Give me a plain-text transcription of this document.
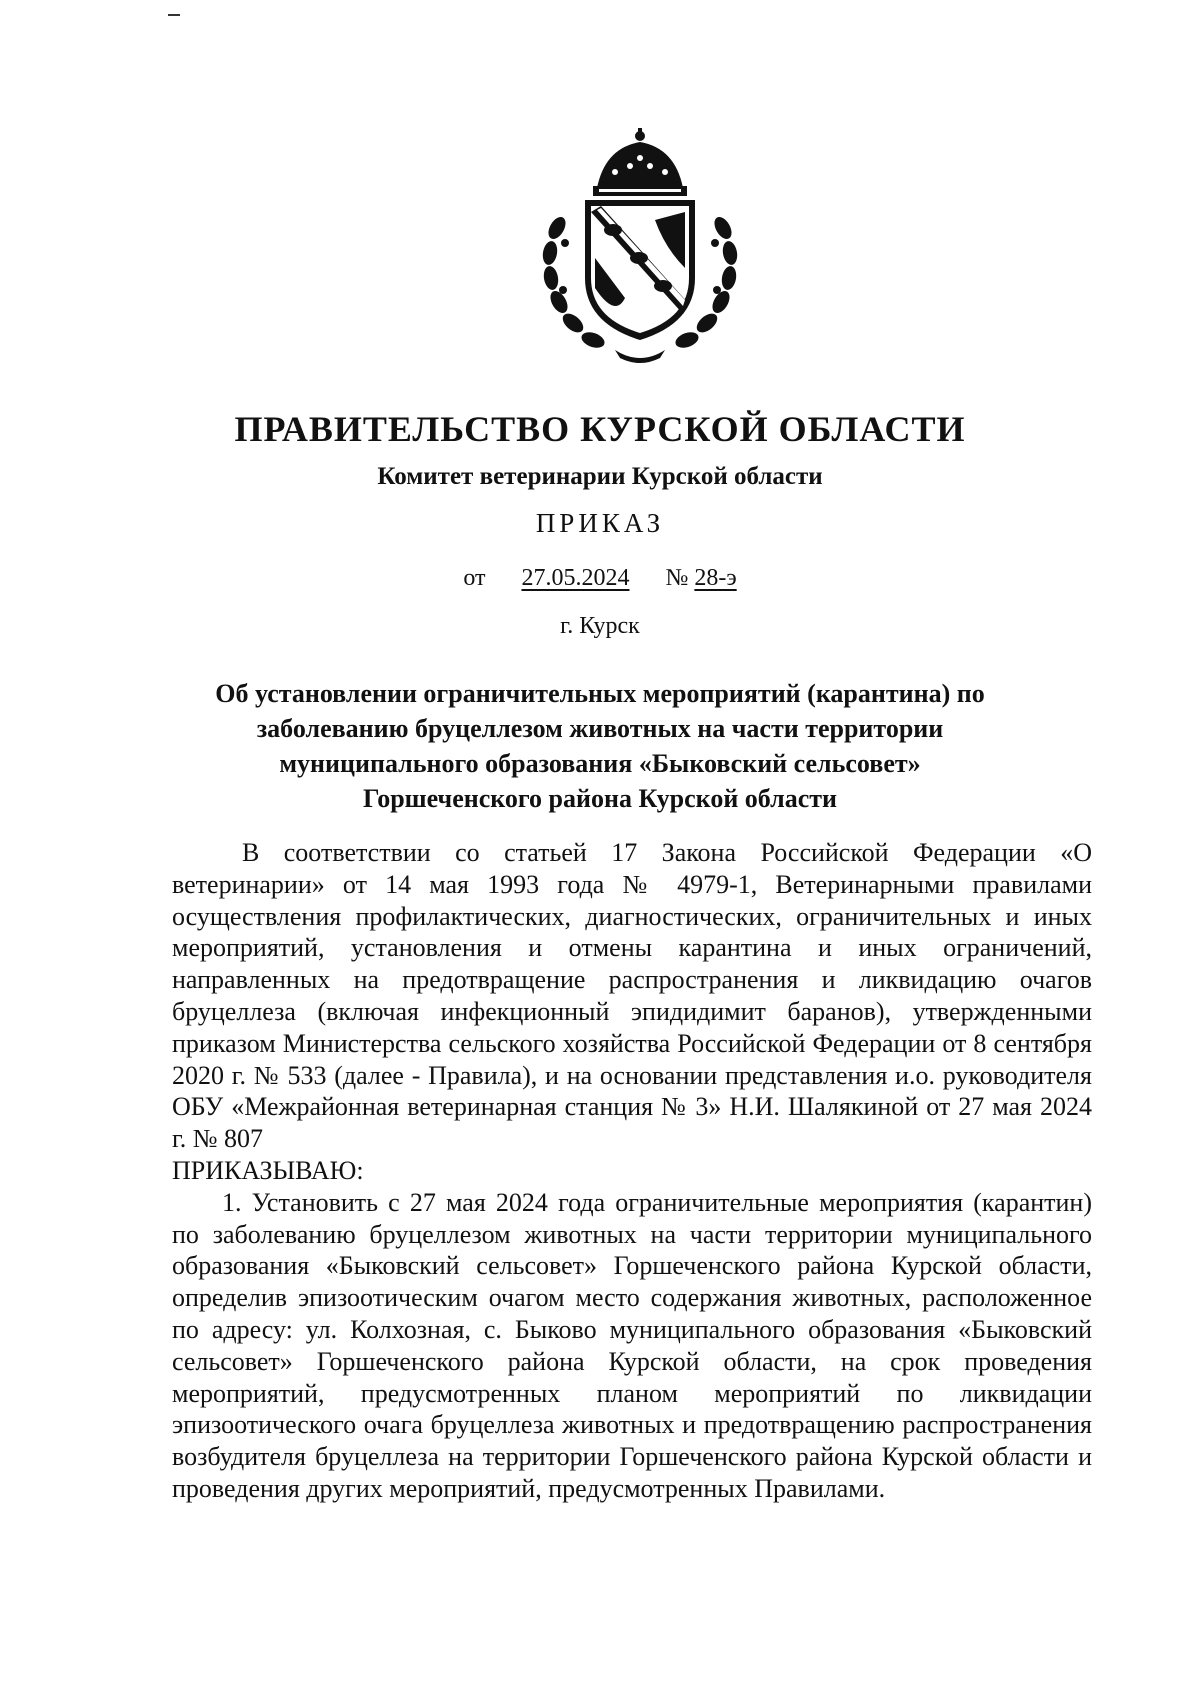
ПРАВИТЕЛЬСТВО КУРСКОЙ ОБЛАСТИ
Комитет ветеринарии Курской области
ПРИКАЗ
от 27.05.2024 № 28-э
г. Курск
Об установлении ограничительных мероприятий (карантина) по
заболеванию бруцеллезом животных на части территории
муниципального образования «Быковский сельсовет»
Горшеченского района Курской области

В соответствии со статьей 17 Закона Российской Федерации «О ветеринарии» от 14 мая 1993 года № 4979-1, Ветеринарными правилами осуществления профилактических, диагностических, ограничительных и иных мероприятий, установления и отмены карантина и иных ограничений, направленных на предотвращение распространения и ликвидацию очагов бруцеллеза (включая инфекционный эпидидимит баранов), утвержденными приказом Министерства сельского хозяйства Российской Федерации от 8 сентября 2020 г. № 533 (далее - Правила), и на основании представления и.о. руководителя ОБУ «Межрайонная ветеринарная станция № 3» Н.И. Шалякиной от 27 мая 2024 г. № 807

ПРИКАЗЫВАЮ:

1. Установить с 27 мая 2024 года ограничительные мероприятия (карантин) по заболеванию бруцеллезом животных на части территории муниципального образования «Быковский сельсовет» Горшеченского района Курской области, определив эпизоотическим очагом место содержания животных, расположенное по адресу: ул. Колхозная, с. Быково муниципального образования «Быковский сельсовет» Горшеченского района Курской области, на срок проведения мероприятий, предусмотренных планом мероприятий по ликвидации эпизоотического очага бруцеллеза животных и предотвращению распространения возбудителя бруцеллеза на территории Горшеченского района Курской области и проведения других мероприятий, предусмотренных Правилами.
